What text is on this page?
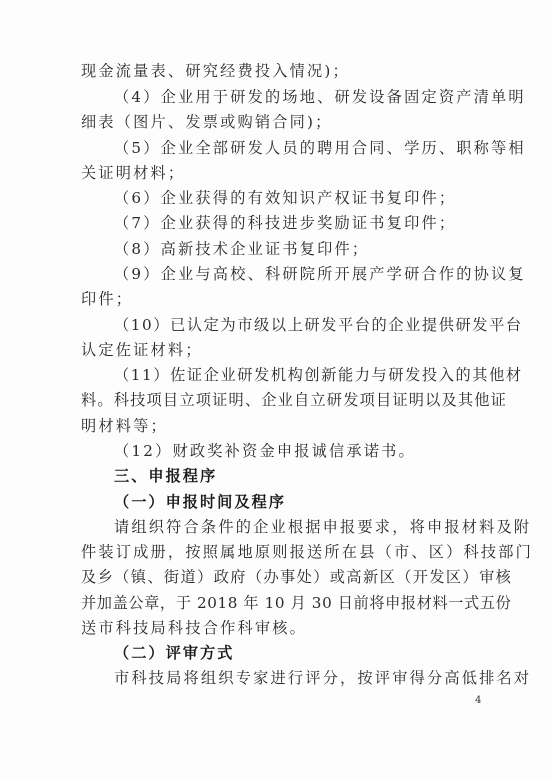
现金流量表、研究经费投入情况)；
（4）企业用于研发的场地、研发设备固定资产清单明
细表（图片、发票或购销合同)；
（5）企业全部研发人员的聘用合同、学历、职称等相
关证明材料；
（6）企业获得的有效知识产权证书复印件；
（7）企业获得的科技进步奖励证书复印件；
（8）高新技术企业证书复印件；
（9）企业与高校、科研院所开展产学研合作的协议复
印件；
（10）已认定为市级以上研发平台的企业提供研发平台
认定佐证材料；
（11）佐证企业研发机构创新能力与研发投入的其他材
料。科技项目立项证明、企业自立研发项目证明以及其他证
明材料等；
（12）财政奖补资金申报诚信承诺书。
三、申报程序
（一）申报时间及程序
请组织符合条件的企业根据申报要求，将申报材料及附
件装订成册，按照属地原则报送所在县（市、区）科技部门
及乡（镇、街道）政府（办事处）或高新区（开发区）审核
并加盖公章，于 2018 年 10 月 30 日前将申报材料一式五份
送市科技局科技合作科审核。
（二）评审方式
市科技局将组织专家进行评分，按评审得分高低排名对
4
